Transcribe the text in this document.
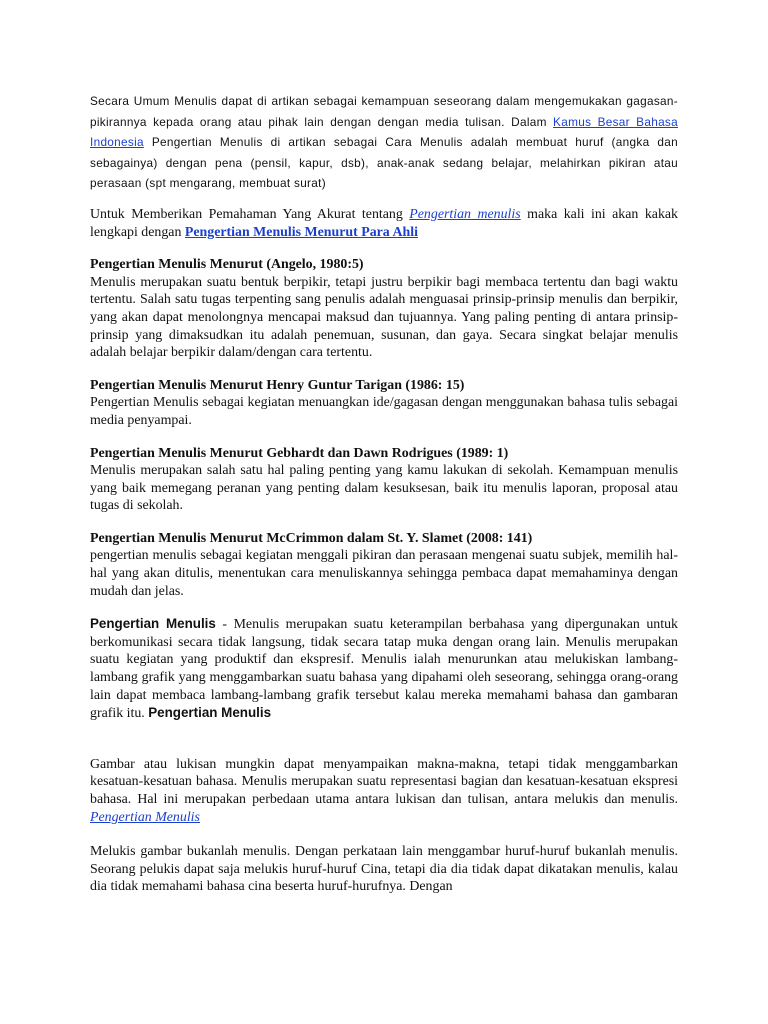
Secara Umum Menulis dapat di artikan sebagai kemampuan seseorang dalam mengemukakan gagasan-pikirannya kepada orang atau pihak lain dengan dengan media tulisan. Dalam Kamus Besar Bahasa Indonesia Pengertian Menulis di artikan sebagai Cara Menulis adalah membuat huruf (angka dan sebagainya) dengan pena (pensil, kapur, dsb), anak-anak sedang belajar, melahirkan pikiran atau perasaan (spt mengarang, membuat surat)

Untuk Memberikan Pemahaman Yang Akurat tentang Pengertian menulis maka kali ini akan kakak lengkapi dengan Pengertian Menulis Menurut Para Ahli

Pengertian Menulis Menurut (Angelo, 1980:5)

Menulis merupakan suatu bentuk berpikir, tetapi justru berpikir bagi membaca tertentu dan bagi waktu tertentu. Salah satu tugas terpenting sang penulis adalah menguasai prinsip-prinsip menulis dan berpikir, yang akan dapat menolongnya mencapai maksud dan tujuannya. Yang paling penting di antara prinsip-prinsip yang dimaksudkan itu adalah penemuan, susunan, dan gaya. Secara singkat belajar menulis adalah belajar berpikir dalam/dengan cara tertentu.

Pengertian Menulis Menurut Henry Guntur Tarigan (1986: 15)

Pengertian Menulis sebagai kegiatan menuangkan ide/gagasan dengan menggunakan bahasa tulis sebagai media penyampai.

Pengertian Menulis Menurut Gebhardt dan Dawn Rodrigues (1989: 1)

Menulis merupakan salah satu hal paling penting yang kamu lakukan di sekolah. Kemampuan menulis yang baik memegang peranan yang penting dalam kesuksesan, baik itu menulis laporan, proposal atau tugas di sekolah.

Pengertian Menulis Menurut McCrimmon dalam St. Y. Slamet (2008: 141)

pengertian menulis sebagai kegiatan menggali pikiran dan perasaan mengenai suatu subjek, memilih hal-hal yang akan ditulis, menentukan cara menuliskannya sehingga pembaca dapat memahaminya dengan mudah dan jelas.

Pengertian Menulis - Menulis merupakan suatu keterampilan berbahasa yang dipergunakan untuk berkomunikasi secara tidak langsung, tidak secara tatap muka dengan orang lain. Menulis merupakan suatu kegiatan yang produktif dan ekspresif. Menulis ialah menurunkan atau melukiskan lambang-lambang grafik yang menggambarkan suatu bahasa yang dipahami oleh seseorang, sehingga orang-orang lain dapat membaca lambang-lambang grafik tersebut kalau mereka memahami bahasa dan gambaran grafik itu. Pengertian Menulis

Gambar atau lukisan mungkin dapat menyampaikan makna-makna, tetapi tidak menggambarkan kesatuan-kesatuan bahasa. Menulis merupakan suatu representasi bagian dan kesatuan-kesatuan ekspresi bahasa. Hal ini merupakan perbedaan utama antara lukisan dan tulisan, antara melukis dan menulis. Pengertian Menulis

Melukis gambar bukanlah menulis. Dengan perkataan lain menggambar huruf-huruf bukanlah menulis. Seorang pelukis dapat saja melukis huruf-huruf Cina, tetapi dia dia tidak dapat dikatakan menulis, kalau dia tidak memahami bahasa cina beserta huruf-hurufnya. Dengan
